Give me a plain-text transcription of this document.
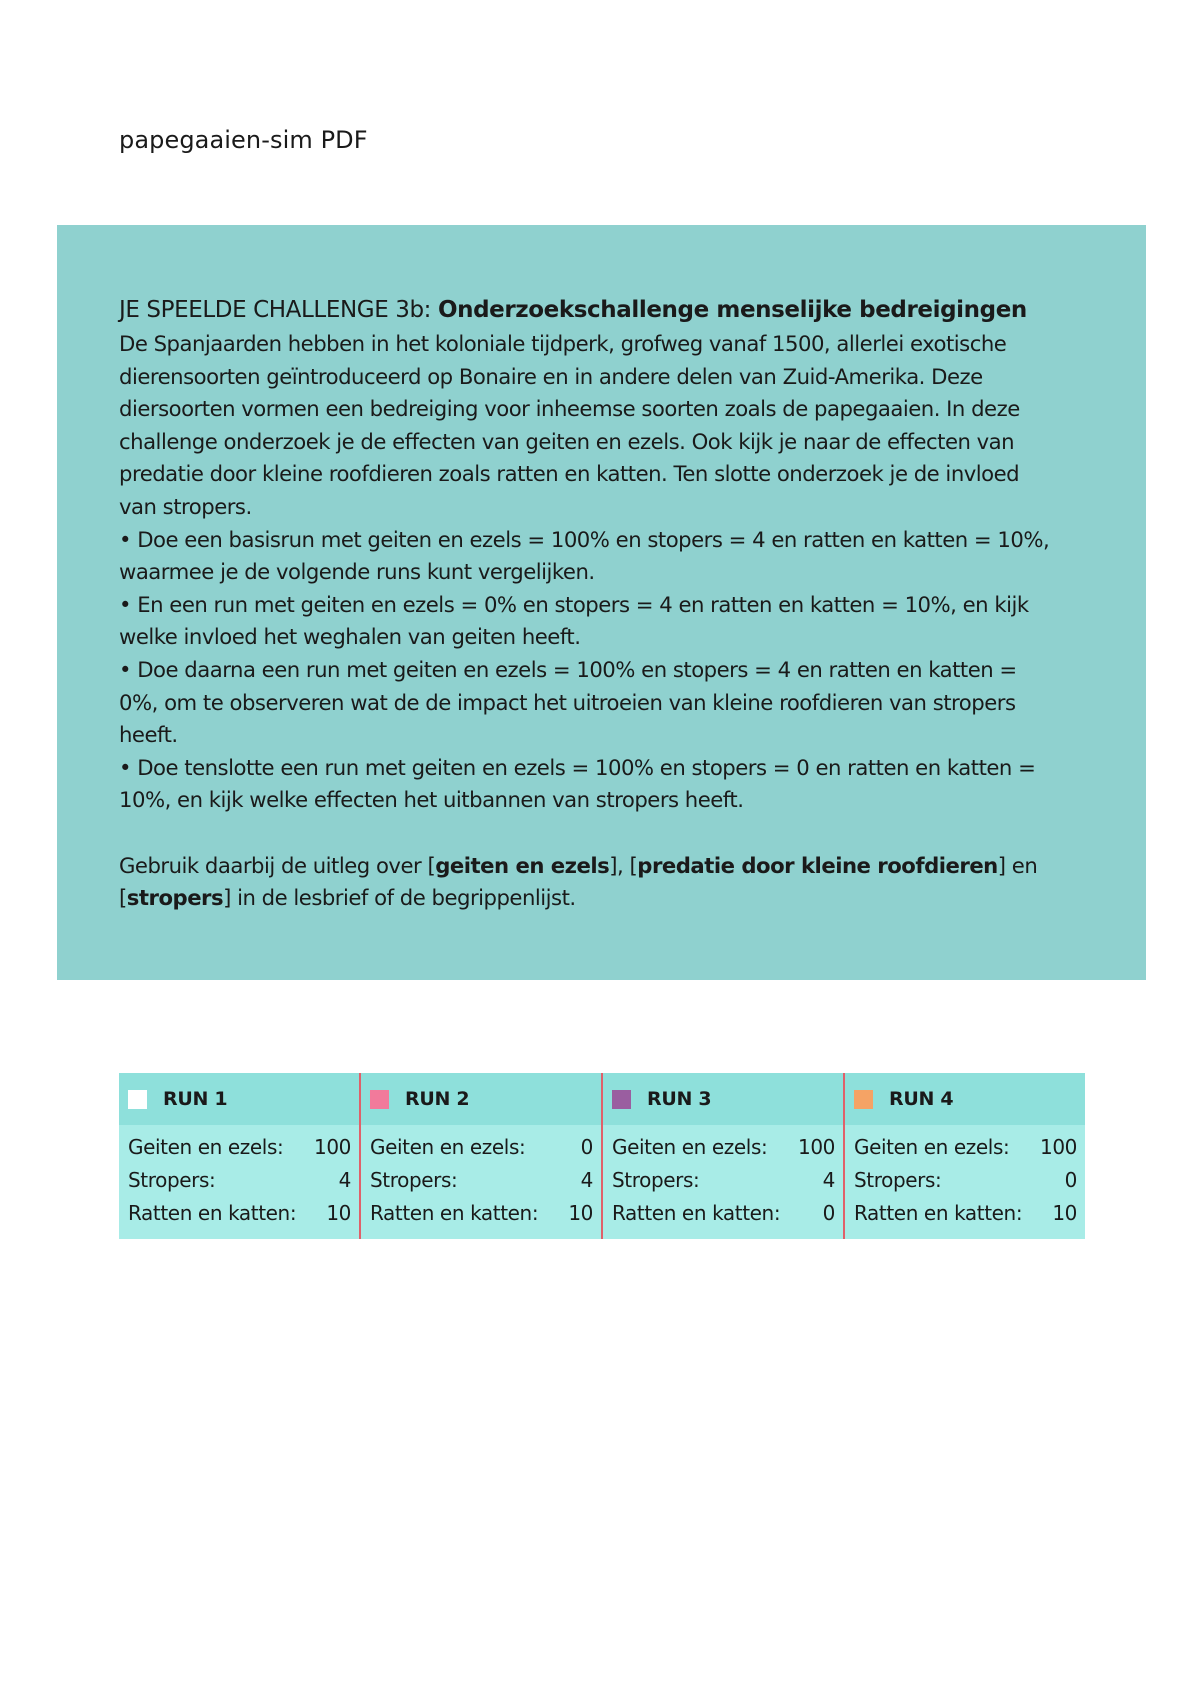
papegaaien-sim PDF
JE SPEELDE CHALLENGE 3b: Onderzoekschallenge menselijke bedreigingen

De Spanjaarden hebben in het koloniale tijdperk, grofweg vanaf 1500, allerlei exotische

dierensoorten geïntroduceerd op Bonaire en in andere delen van Zuid-Amerika. Deze

diersoorten vormen een bedreiging voor inheemse soorten zoals de papegaaien. In deze

challenge onderzoek je de effecten van geiten en ezels. Ook kijk je naar de effecten van

predatie door kleine roofdieren zoals ratten en katten. Ten slotte onderzoek je de invloed

van stropers.

• Doe een basisrun met geiten en ezels = 100% en stopers = 4 en ratten en katten = 10%,

waarmee je de volgende runs kunt vergelijken.

• En een run met geiten en ezels = 0% en stopers = 4 en ratten en katten = 10%, en kijk

welke invloed het weghalen van geiten heeft.

• Doe daarna een run met geiten en ezels = 100% en stopers = 4 en ratten en katten =

0%, om te observeren wat de de impact het uitroeien van kleine roofdieren van stropers

heeft.

• Doe tenslotte een run met geiten en ezels = 100% en stopers = 0 en ratten en katten =

10%, en kijk welke effecten het uitbannen van stropers heeft.

Gebruik daarbij de uitleg over [geiten en ezels], [predatie door kleine roofdieren] en

[stropers] in de lesbrief of de begrippenlijst.

RUN 1
Geiten en ezels: 100
Stropers:	4
Ratten en katten: 10
RUN 2
Geiten en ezels:	0
Stropers:	4
Ratten en katten: 10
RUN 3
Geiten en ezels: 100
Stropers:	4
Ratten en katten: 0
RUN 4
Geiten en ezels: 100
Stropers:	0
Ratten en katten: 10
